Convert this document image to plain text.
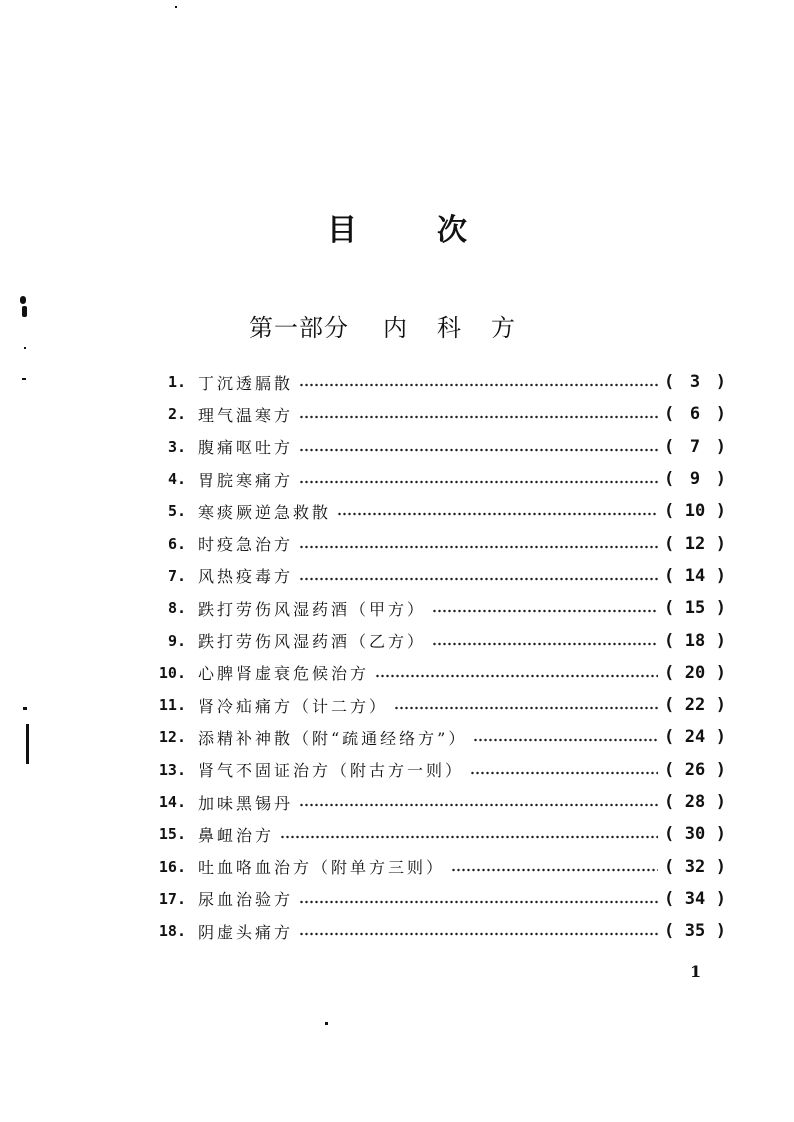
目	次
第一部分 内科方
1. 丁沉透膈散	( 3 )
2. 理气温寒方	( 6 )
3. 腹痛呕吐方	( 7 )
4. 胃脘寒痛方	( 9 )
5. 寒痰厥逆急救散	( 10 )
6. 时疫急治方	( 12 )
7. 风热疫毒方	( 14 )
8. 跌打劳伤风湿药酒（甲方）	( 15 )
9. 跌打劳伤风湿药酒（乙方）	( 18 )
10. 心脾肾虚衰危候治方	( 20 )
11. 肾冷疝痛方（计二方）	( 22 )
12. 添精补神散（附“疏通经络方”）	( 24 )
13. 肾气不固证治方（附古方一则）	( 26 )
14. 加味黑锡丹	( 28 )
15. 鼻衄治方	( 30 )
16. 吐血咯血治方（附单方三则）	( 32 )
17. 尿血治验方	( 34 )
18. 阴虚头痛方	( 35 )
1
